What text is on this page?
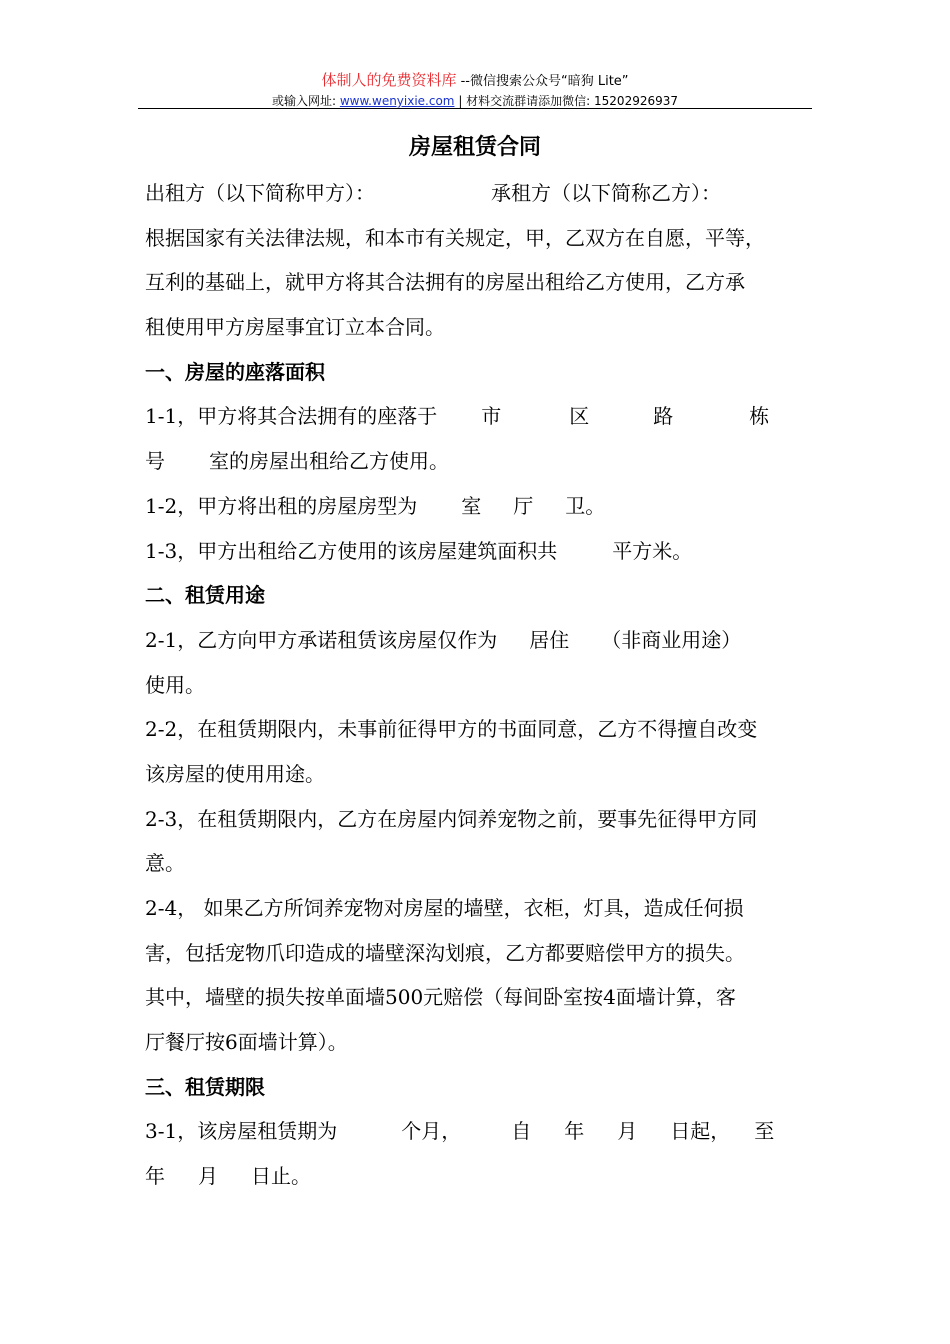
体制人的免费资料库 --微信搜索公众号“暗狗 Lite”
或输入网址: www.wenyixie.com | 材料交流群请添加微信: 15202926937
房屋租赁合同
出租方（以下简称甲方）：	承租方（以下简称乙方）：
根据国家有关法律法规，和本市有关规定，甲，乙双方在自愿，平等，
互利的基础上，就甲方将其合法拥有的房屋出租给乙方使用，乙方承
租使用甲方房屋事宜订立本合同。
一、房屋的座落面积
1-1，甲方将其合法拥有的座落于 市	区	路	栋
号 室的房屋出租给乙方使用。
1-2，甲方将出租的房屋房型为 室 厅 卫。
1-3，甲方出租给乙方使用的该房屋建筑面积共	平方米。
二、租赁用途
2-1，乙方向甲方承诺租赁该房屋仅作为 居住 （非商业用途）
使用。
2-2，在租赁期限内，未事前征得甲方的书面同意，乙方不得擅自改变
该房屋的使用用途。
2-3，在租赁期限内，乙方在房屋内饲养宠物之前，要事先征得甲方同
意。
2-4， 如果乙方所饲养宠物对房屋的墙壁，衣柜，灯具，造成任何损
害，包括宠物爪印造成的墙壁深沟划痕，乙方都要赔偿甲方的损失。
其中，墙壁的损失按单面墙500元赔偿（每间卧室按4面墙计算，客
厅餐厅按6面墙计算）。
三、租赁期限
3-1，该房屋租赁期为	个月，	自 年 月 日起， 至
年 月 日止。
